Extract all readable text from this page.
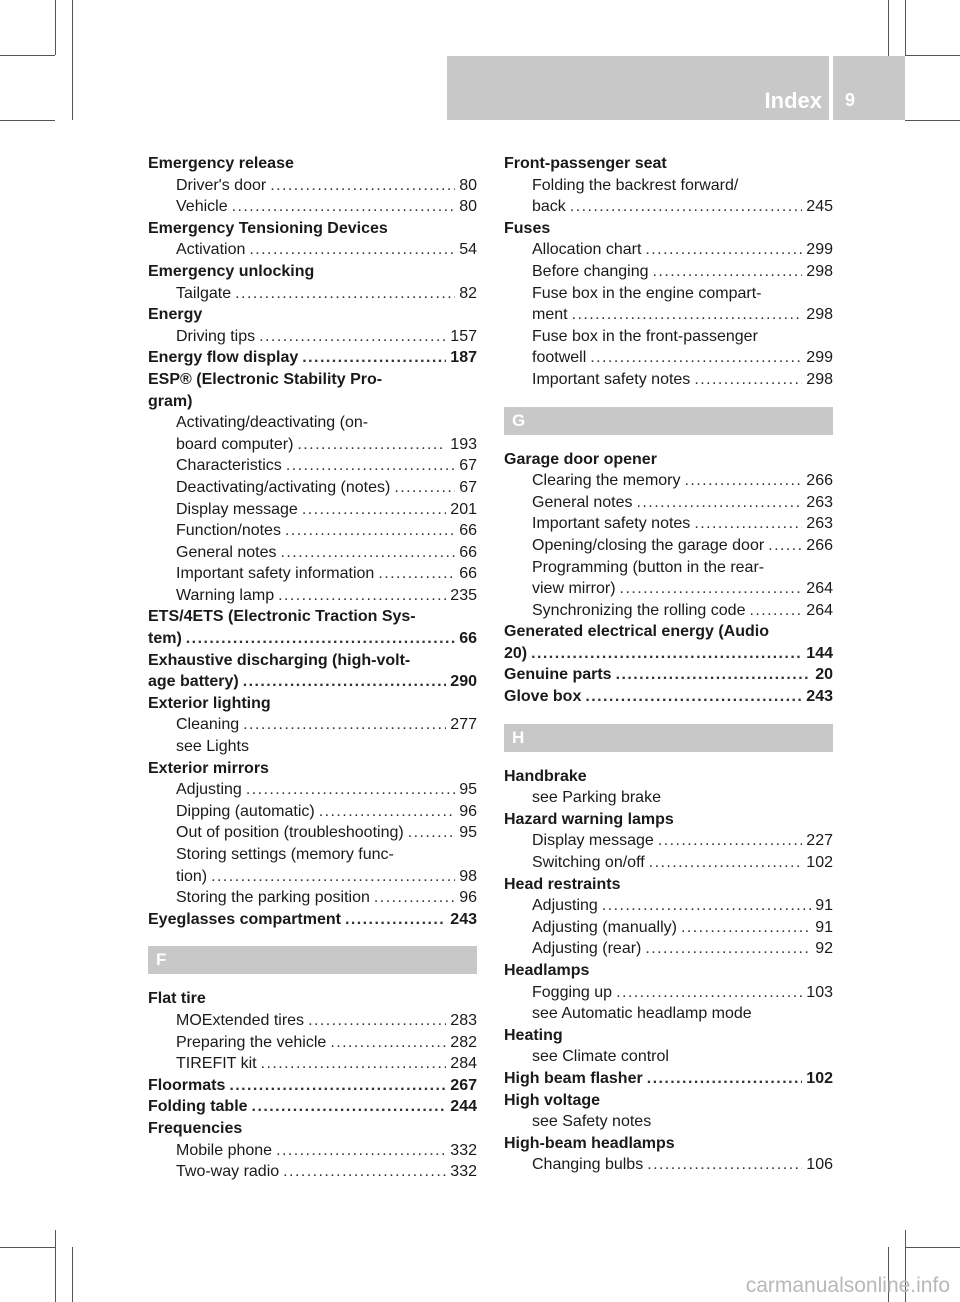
Index 9
Emergency release
Driver's door . . .	80
Vehicle . . .	80
Emergency Tensioning Devices
Activation . . .	54
Emergency unlocking
Tailgate . . .	82
Energy
Driving tips . . .	157
Energy flow display . . .	187
ESP® (Electronic Stability Pro-
gram)
Activating/deactivating (on-
board computer) . . .	193
Characteristics . . .	67
Deactivating/activating (notes) . . .	67
Display message . . .	201
Function/notes . . .	66
General notes . . .	66
Important safety information . . .	66
Warning lamp . . .	235
ETS/4ETS (Electronic Traction Sys-
tem) . . .	66
Exhaustive discharging (high-volt-
age battery) . . .	290
Exterior lighting
Cleaning . . .	277
see Lights
Exterior mirrors
Adjusting . . .	95
Dipping (automatic) . . .	96
Out of position (troubleshooting) . . .	95
Storing settings (memory func-
tion) . . .	98
Storing the parking position . . .	96
Eyeglasses compartment . . .	243
F
Flat tire
MOExtended tires . . .	283
Preparing the vehicle . . .	282
TIREFIT kit . . .	284
Floormats . . .	267
Folding table . . .	244
Frequencies
Mobile phone . . .	332
Two-way radio . . .	332
Front-passenger seat
Folding the backrest forward/
back . . .	245
Fuses
Allocation chart . . .	299
Before changing . . .	298
Fuse box in the engine compart-
ment . . .	298
Fuse box in the front-passenger
footwell . . .	299
Important safety notes . . .	298
G
Garage door opener
Clearing the memory . . .	266
General notes . . .	263
Important safety notes . . .	263
Opening/closing the garage door . . .	266
Programming (button in the rear-
view mirror) . . .	264
Synchronizing the rolling code . . .	264
Generated electrical energy (Audio
20) . . .	144
Genuine parts . . .	20
Glove box . . .	243
H
Handbrake
see Parking brake
Hazard warning lamps
Display message . . .	227
Switching on/off . . .	102
Head restraints
Adjusting . . .	91
Adjusting (manually) . . .	91
Adjusting (rear) . . .	92
Headlamps
Fogging up . . .	103
see Automatic headlamp mode
Heating
see Climate control
High beam flasher . . .	102
High voltage
see Safety notes
High-beam headlamps
Changing bulbs . . .	106
carmanualsonline.info
